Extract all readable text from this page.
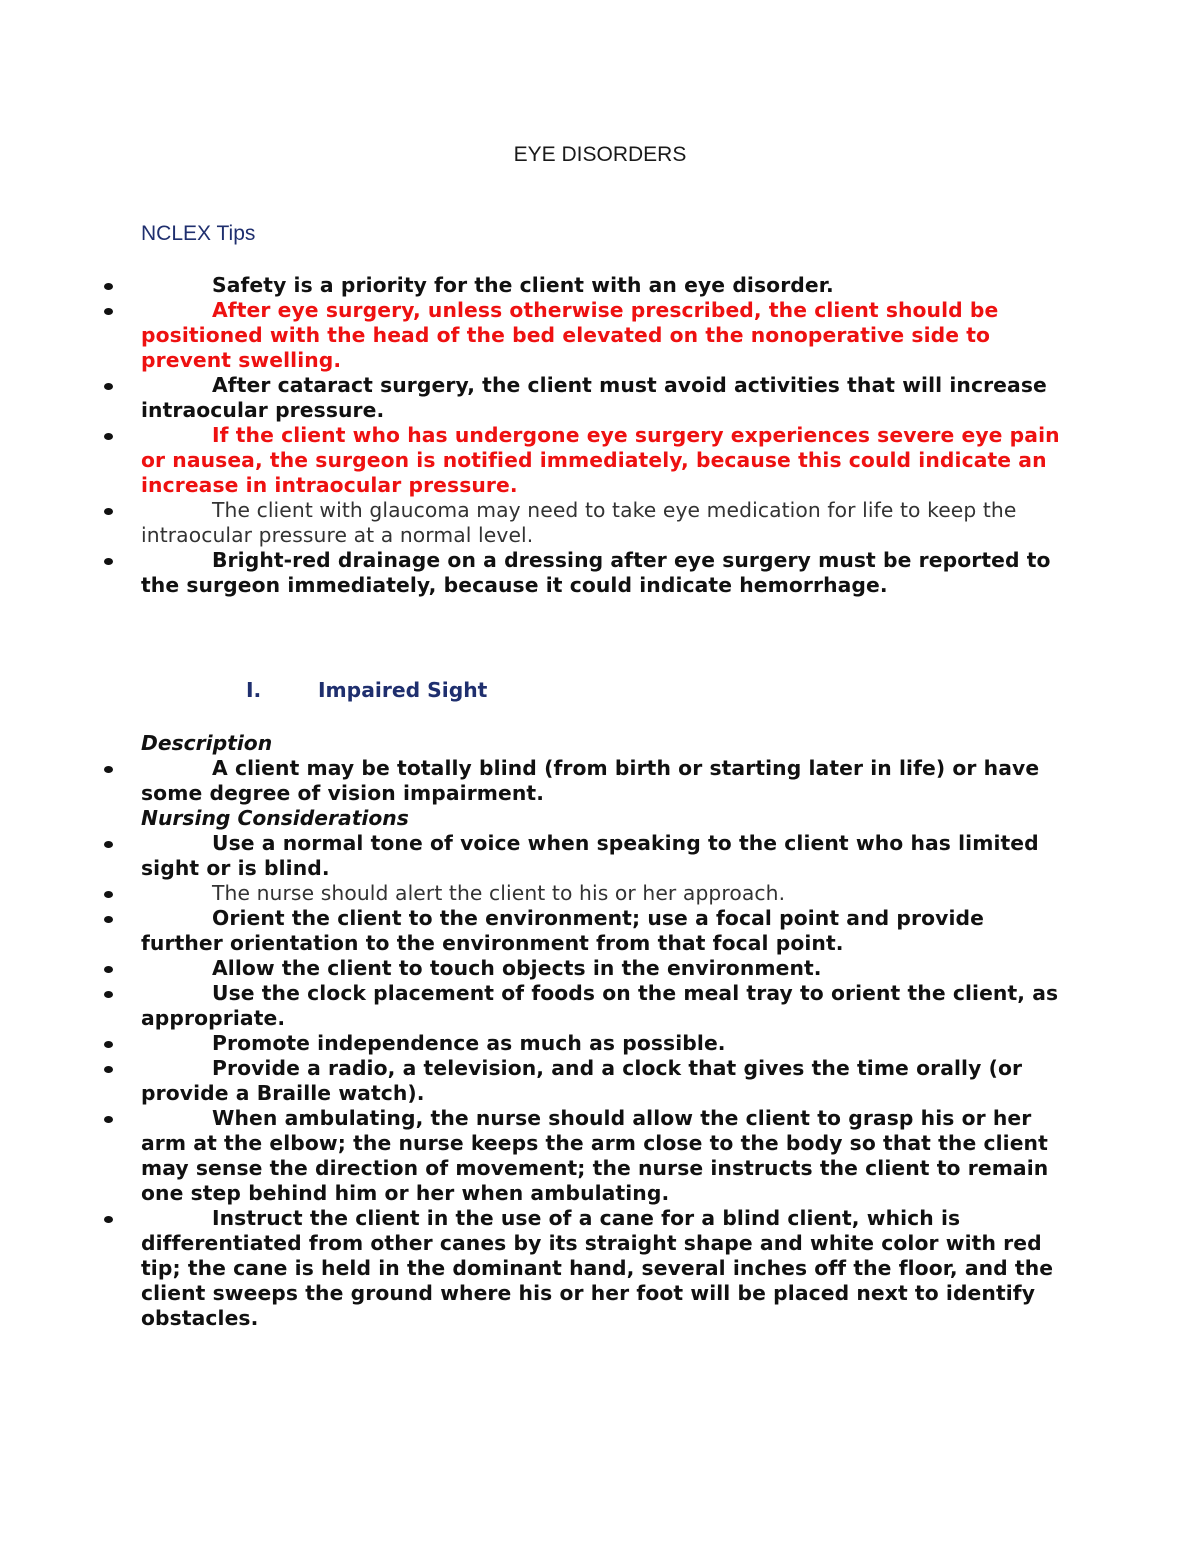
EYE DISORDERS
NCLEX Tips
Safety is a priority for the client with an eye disorder.
After eye surgery, unless otherwise prescribed, the client should be positioned with the head of the bed elevated on the nonoperative side to prevent swelling.
After cataract surgery, the client must avoid activities that will increase intraocular pressure.
If the client who has undergone eye surgery experiences severe eye pain or nausea, the surgeon is notified immediately, because this could indicate an increase in intraocular pressure.
The client with glaucoma may need to take eye medication for life to keep the intraocular pressure at a normal level.
Bright-red drainage on a dressing after eye surgery must be reported to the surgeon immediately, because it could indicate hemorrhage.
I.	Impaired Sight
Description
A client may be totally blind (from birth or starting later in life) or have some degree of vision impairment.
Nursing Considerations
Use a normal tone of voice when speaking to the client who has limited sight or is blind.
The nurse should alert the client to his or her approach.
Orient the client to the environment; use a focal point and provide further orientation to the environment from that focal point.
Allow the client to touch objects in the environment.
Use the clock placement of foods on the meal tray to orient the client, as appropriate.
Promote independence as much as possible.
Provide a radio, a television, and a clock that gives the time orally (or provide a Braille watch).
When ambulating, the nurse should allow the client to grasp his or her arm at the elbow; the nurse keeps the arm close to the body so that the client may sense the direction of movement; the nurse instructs the client to remain one step behind him or her when ambulating.
Instruct the client in the use of a cane for a blind client, which is differentiated from other canes by its straight shape and white color with red tip; the cane is held in the dominant hand, several inches off the floor, and the client sweeps the ground where his or her foot will be placed next to identify obstacles.
